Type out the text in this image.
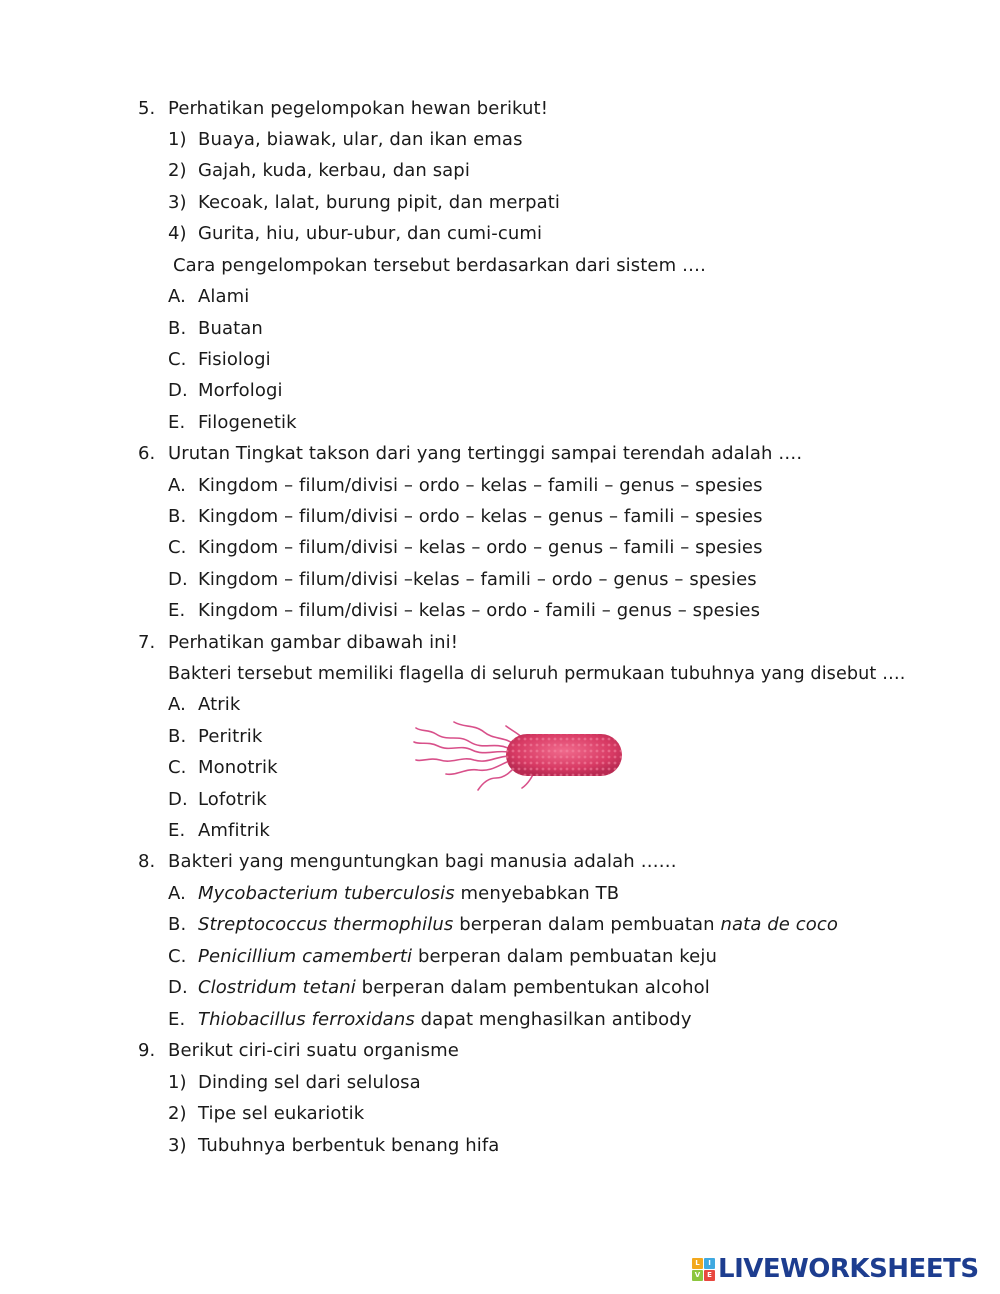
5. Perhatikan pegelompokan hewan berikut!
1) Buaya, biawak, ular, dan ikan emas
2) Gajah, kuda, kerbau, dan sapi
3) Kecoak, lalat, burung pipit, dan merpati
4) Gurita, hiu, ubur-ubur, dan cumi-cumi
Cara pengelompokan tersebut berdasarkan dari sistem ….
A. Alami
B. Buatan
C. Fisiologi
D. Morfologi
E. Filogenetik
6. Urutan Tingkat takson dari yang tertinggi sampai terendah adalah ….
A. Kingdom – filum/divisi – ordo – kelas – famili – genus – spesies
B. Kingdom – filum/divisi – ordo – kelas – genus – famili – spesies
C. Kingdom – filum/divisi – kelas – ordo – genus – famili – spesies
D. Kingdom – filum/divisi –kelas – famili – ordo – genus – spesies
E. Kingdom – filum/divisi – kelas – ordo - famili – genus – spesies
7. Perhatikan gambar dibawah ini!
Bakteri tersebut memiliki flagella di seluruh permukaan tubuhnya yang disebut ….
A. Atrik
B. Peritrik
C. Monotrik
D. Lofotrik
E. Amfitrik
8. Bakteri yang menguntungkan bagi manusia adalah ……
A. Mycobacterium tuberculosis menyebabkan TB
B. Streptococcus thermophilus berperan dalam pembuatan nata de coco
C. Penicillium camemberti berperan dalam pembuatan keju
D. Clostridum tetani berperan dalam pembentukan alcohol
E. Thiobacillus ferroxidans dapat menghasilkan antibody
9. Berikut ciri-ciri suatu organisme
1) Dinding sel dari selulosa
2) Tipe sel eukariotik
3) Tubuhnya berbentuk benang hifa
L	I
V E LIVEWORKSHEETS
